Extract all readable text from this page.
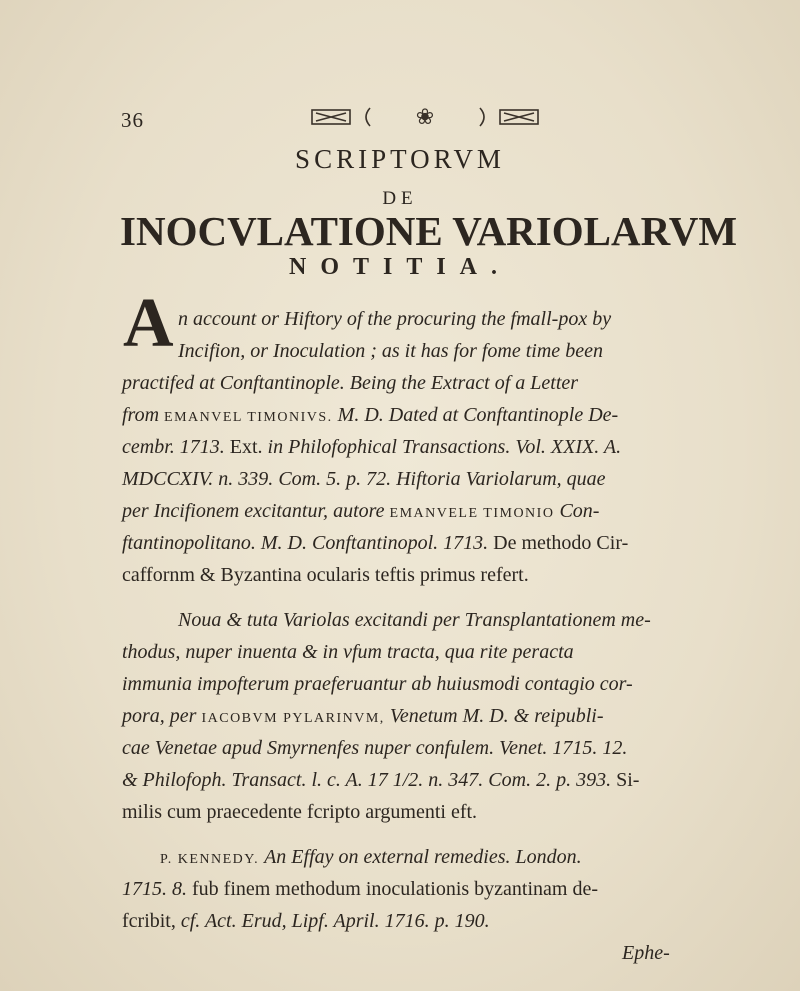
36	❀
SCRIPTORVM
DE
INOCVLATIONE VARIOLARVM
NOTITIA.
A n account or Hiftory of the procuring the fmall-pox by
Incifion, or Inoculation ; as it has for fome time been
practifed at Conftantinople. Being the Extract of a Letter
from EMANVEL TIMONIVS. M. D. Dated at Conftantinople De-
cembr. 1713. Ext. in Philofophical Transactions. Vol. XXIX. A.
MDCCXIV. n. 339. Com. 5. p. 72. Hiftoria Variolarum, quae
per Incifionem excitantur, autore EMANVELE TIMONIO Con-
ftantinopolitano. M. D. Conftantinopol. 1713. De methodo Cir-
caffornm & Byzantina ocularis teftis primus refert.
Noua & tuta Variolas excitandi per Transplantationem me-
thodus, nuper inuenta & in vfum tracta, qua rite peracta
immunia impofterum praeferuantur ab huiusmodi contagio cor-
pora, per IACOBVM PYLARINVM, Venetum M. D. & reipubli-
cae Venetae apud Smyrnenfes nuper confulem. Venet. 1715. 12.
& Philofoph. Transact. l. c. A. 17 1/2. n. 347. Com. 2. p. 393. Si-
milis cum praecedente fcripto argumenti eft.
P. KENNEDY. An Effay on external remedies. London.
1715. 8. fub finem methodum inoculationis byzantinam de-
fcribit, cf. Act. Erud, Lipf. April. 1716. p. 190.
Ephe-
